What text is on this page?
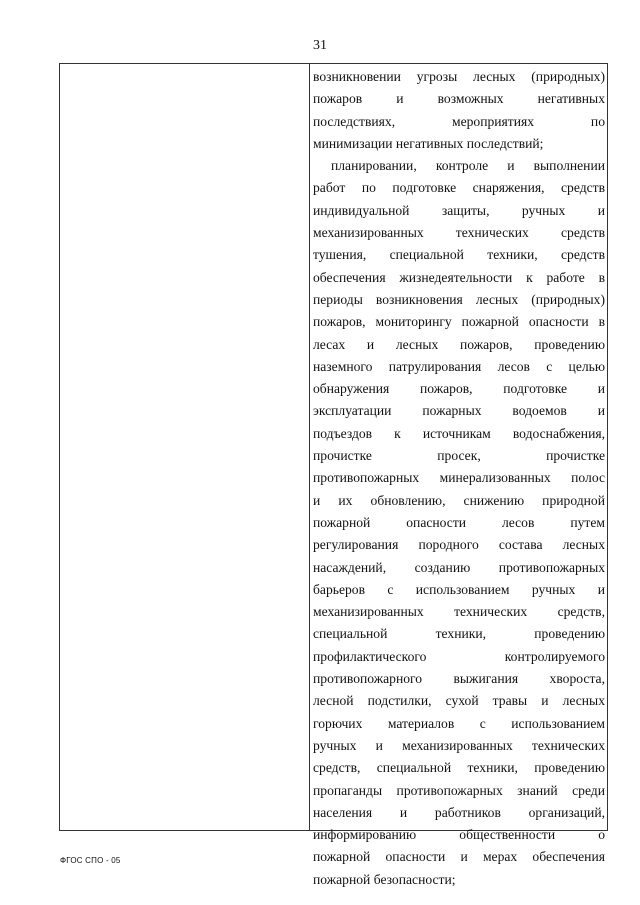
31
возникновении угрозы лесных (природных)
пожаров и возможных негативных
последствиях, мероприятиях по
минимизации негативных последствий;
планировании, контроле и выполнении
работ по подготовке снаряжения, средств
индивидуальной защиты, ручных и
механизированных технических средств
тушения, специальной техники, средств
обеспечения жизнедеятельности к работе в
периоды возникновения лесных (природных)
пожаров, мониторингу пожарной опасности в
лесах и лесных пожаров, проведению
наземного патрулирования лесов с целью
обнаружения пожаров, подготовке и
эксплуатации пожарных водоемов и
подъездов к источникам водоснабжения,
прочистке просек, прочистке
противопожарных минерализованных полос
и их обновлению, снижению природной
пожарной опасности лесов путем
регулирования породного состава лесных
насаждений, созданию противопожарных
барьеров с использованием ручных и
механизированных технических средств,
специальной техники, проведению
профилактического контролируемого
противопожарного выжигания хвороста,
лесной подстилки, сухой травы и лесных
горючих материалов с использованием
ручных и механизированных технических
средств, специальной техники, проведению
пропаганды противопожарных знаний среди
населения и работников организаций,
информированию общественности о
пожарной опасности и мерах обеспечения
пожарной безопасности;
ФГОС СПО - 05
